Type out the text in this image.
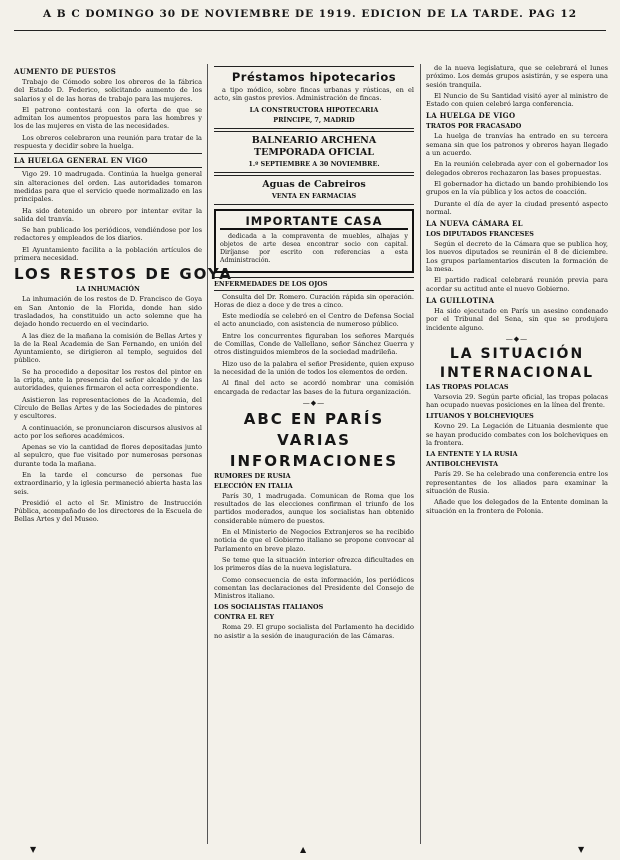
A B C DOMINGO 30 DE NOVIEMBRE DE 1919. EDICION DE LA TARDE. PAG 12
AUMENTO DE PUESTOS

Trabajo de Cómodo sobre los obreros de la fábrica del Estado D. Federico, solicitando aumento de los salarios y el de las horas de trabajo para las mujeres.

El patrono contestará con la oferta de que se admitan los aumentos propuestos para las hombres y los de las mujeres en vista de las necesidades.

Los obreros celebraron una reunión para tratar de la respuesta y decidir sobre la huelga.

LA HUELGA GENERAL EN VIGO

Vigo 29. 10 madrugada. Continúa la huelga general sin alteraciones del orden. Las autoridades tomaron medidas para que el servicio quede normalizado en las principales.

Ha sido detenido un obrero por intentar evitar la salida del tranvía.

Se han publicado los periódicos, vendiéndose por los redactores y empleados de los diarios.

El Ayuntamiento facilita a la población artículos de primera necesidad.

LOS RESTOS DE GOYA
LA INHUMACIÓN

La inhumación de los restos de D. Francisco de Goya en San Antonio de la Florida, donde han sido trasladados, ha constituido un acto solemne que ha dejado hondo recuerdo en el vecindario.

A las diez de la mañana la comisión de Bellas Artes y la de la Real Academia de San Fernando, en unión del Ayuntamiento, se dirigieron al templo, seguidos del público.

Se ha procedido a depositar los restos del pintor en la cripta, ante la presencia del señor alcalde y de las autoridades, quienes firmaron el acta correspondiente.

Asistieron las representaciones de la Academia, del Círculo de Bellas Artes y de las Sociedades de pintores y escultores.

A continuación, se pronunciaron discursos alusivos al acto por los señores académicos.

Apenas se vio la cantidad de flores depositadas junto al sepulcro, que fue visitado por numerosas personas durante toda la mañana.

En la tarde el concurso de personas fue extraordinario, y la iglesia permaneció abierta hasta las seis.

Presidió el acto el Sr. Ministro de Instrucción Pública, acompañado de los directores de la Escuela de Bellas Artes y del Museo.

Préstamos hipotecarios

a tipo módico, sobre fincas urbanas y rústicas, en el acto, sin gastos previos. Administración de fincas.

LA CONSTRUCTORA HIPOTECARIA
PRÍNCIPE, 7, MADRID
BALNEARIO ARCHENA
TEMPORADA OFICIAL
1.º SEPTIEMBRE A 30 NOVIEMBRE.
Aguas de Cabreiros
VENTA EN FARMACIAS
IMPORTANTE CASA

dedicada a la compraventa de muebles, alhajas y objetos de arte desea encontrar socio con capital. Diríjanse por escrito con referencias a esta Administración.

ENFERMEDADES DE LOS OJOS

Consulta del Dr. Romero. Curación rápida sin operación. Horas de diez a doce y de tres a cinco.

Este mediodía se celebró en el Centro de Defensa Social el acto anunciado, con asistencia de numeroso público.

Entre los concurrentes figuraban los señores Marqués de Comillas, Conde de Vallellano, señor Sánchez Guerra y otros distinguidos miembros de la sociedad madrileña.

Hizo uso de la palabra el señor Presidente, quien expuso la necesidad de la unión de todos los elementos de orden.

Al final del acto se acordó nombrar una comisión encargada de redactar las bases de la futura organización.

—◆—
ABC EN PARÍS
VARIAS
INFORMACIONES
RUMORES DE RUSIA
ELECCIÓN EN ITALIA

París 30, 1 madrugada. Comunican de Roma que los resultados de las elecciones confirman el triunfo de los partidos moderados, aunque los socialistas han obtenido considerable número de puestos.

En el Ministerio de Negocios Extranjeros se ha recibido noticia de que el Gobierno italiano se propone convocar al Parlamento en breve plazo.

Se teme que la situación interior ofrezca dificultades en los primeros días de la nueva legislatura.

Como consecuencia de esta información, los periódicos comentan las declaraciones del Presidente del Consejo de Ministros italiano.

LOS SOCIALISTAS ITALIANOS
CONTRA EL REY

Roma 29. El grupo socialista del Parlamento ha decidido no asistir a la sesión de inauguración de las Cámaras.

de la nueva legislatura, que se celebrará el lunes próximo. Los demás grupos asistirán, y se espera una sesión tranquila.

El Nuncio de Su Santidad visitó ayer al ministro de Estado con quien celebró larga conferencia.

LA HUELGA DE VIGO
TRATOS POR FRACASADO

La huelga de tranvías ha entrado en su tercera semana sin que los patronos y obreros hayan llegado a un acuerdo.

En la reunión celebrada ayer con el gobernador los delegados obreros rechazaron las bases propuestas.

El gobernador ha dictado un bando prohibiendo los grupos en la vía pública y los actos de coacción.

Durante el día de ayer la ciudad presentó aspecto normal.

LA NUEVA CÁMARA EL
LOS DIPUTADOS FRANCESES

Según el decreto de la Cámara que se publica hoy, los nuevos diputados se reunirán el 8 de diciembre. Los grupos parlamentarios discuten la formación de la mesa.

El partido radical celebrará reunión previa para acordar su actitud ante el nuevo Gobierno.

LA GUILLOTINA

Ha sido ejecutado en París un asesino condenado por el Tribunal del Sena, sin que se produjera incidente alguno.

—◆—
LA SITUACIÓN
INTERNACIONAL
LAS TROPAS POLACAS

Varsovia 29. Según parte oficial, las tropas polacas han ocupado nuevas posiciones en la línea del frente.

LITUANOS Y BOLCHEVIQUES

Kovno 29. La Legación de Lituania desmiente que se hayan producido combates con los bolcheviques en la frontera.

LA ENTENTE Y LA RUSIA
ANTIBOLCHEVISTA

París 29. Se ha celebrado una conferencia entre los representantes de los aliados para examinar la situación de Rusia.

Añade que los delegados de la Entente dominan la situación en la frontera de Polonia.

▼	▲	▼
